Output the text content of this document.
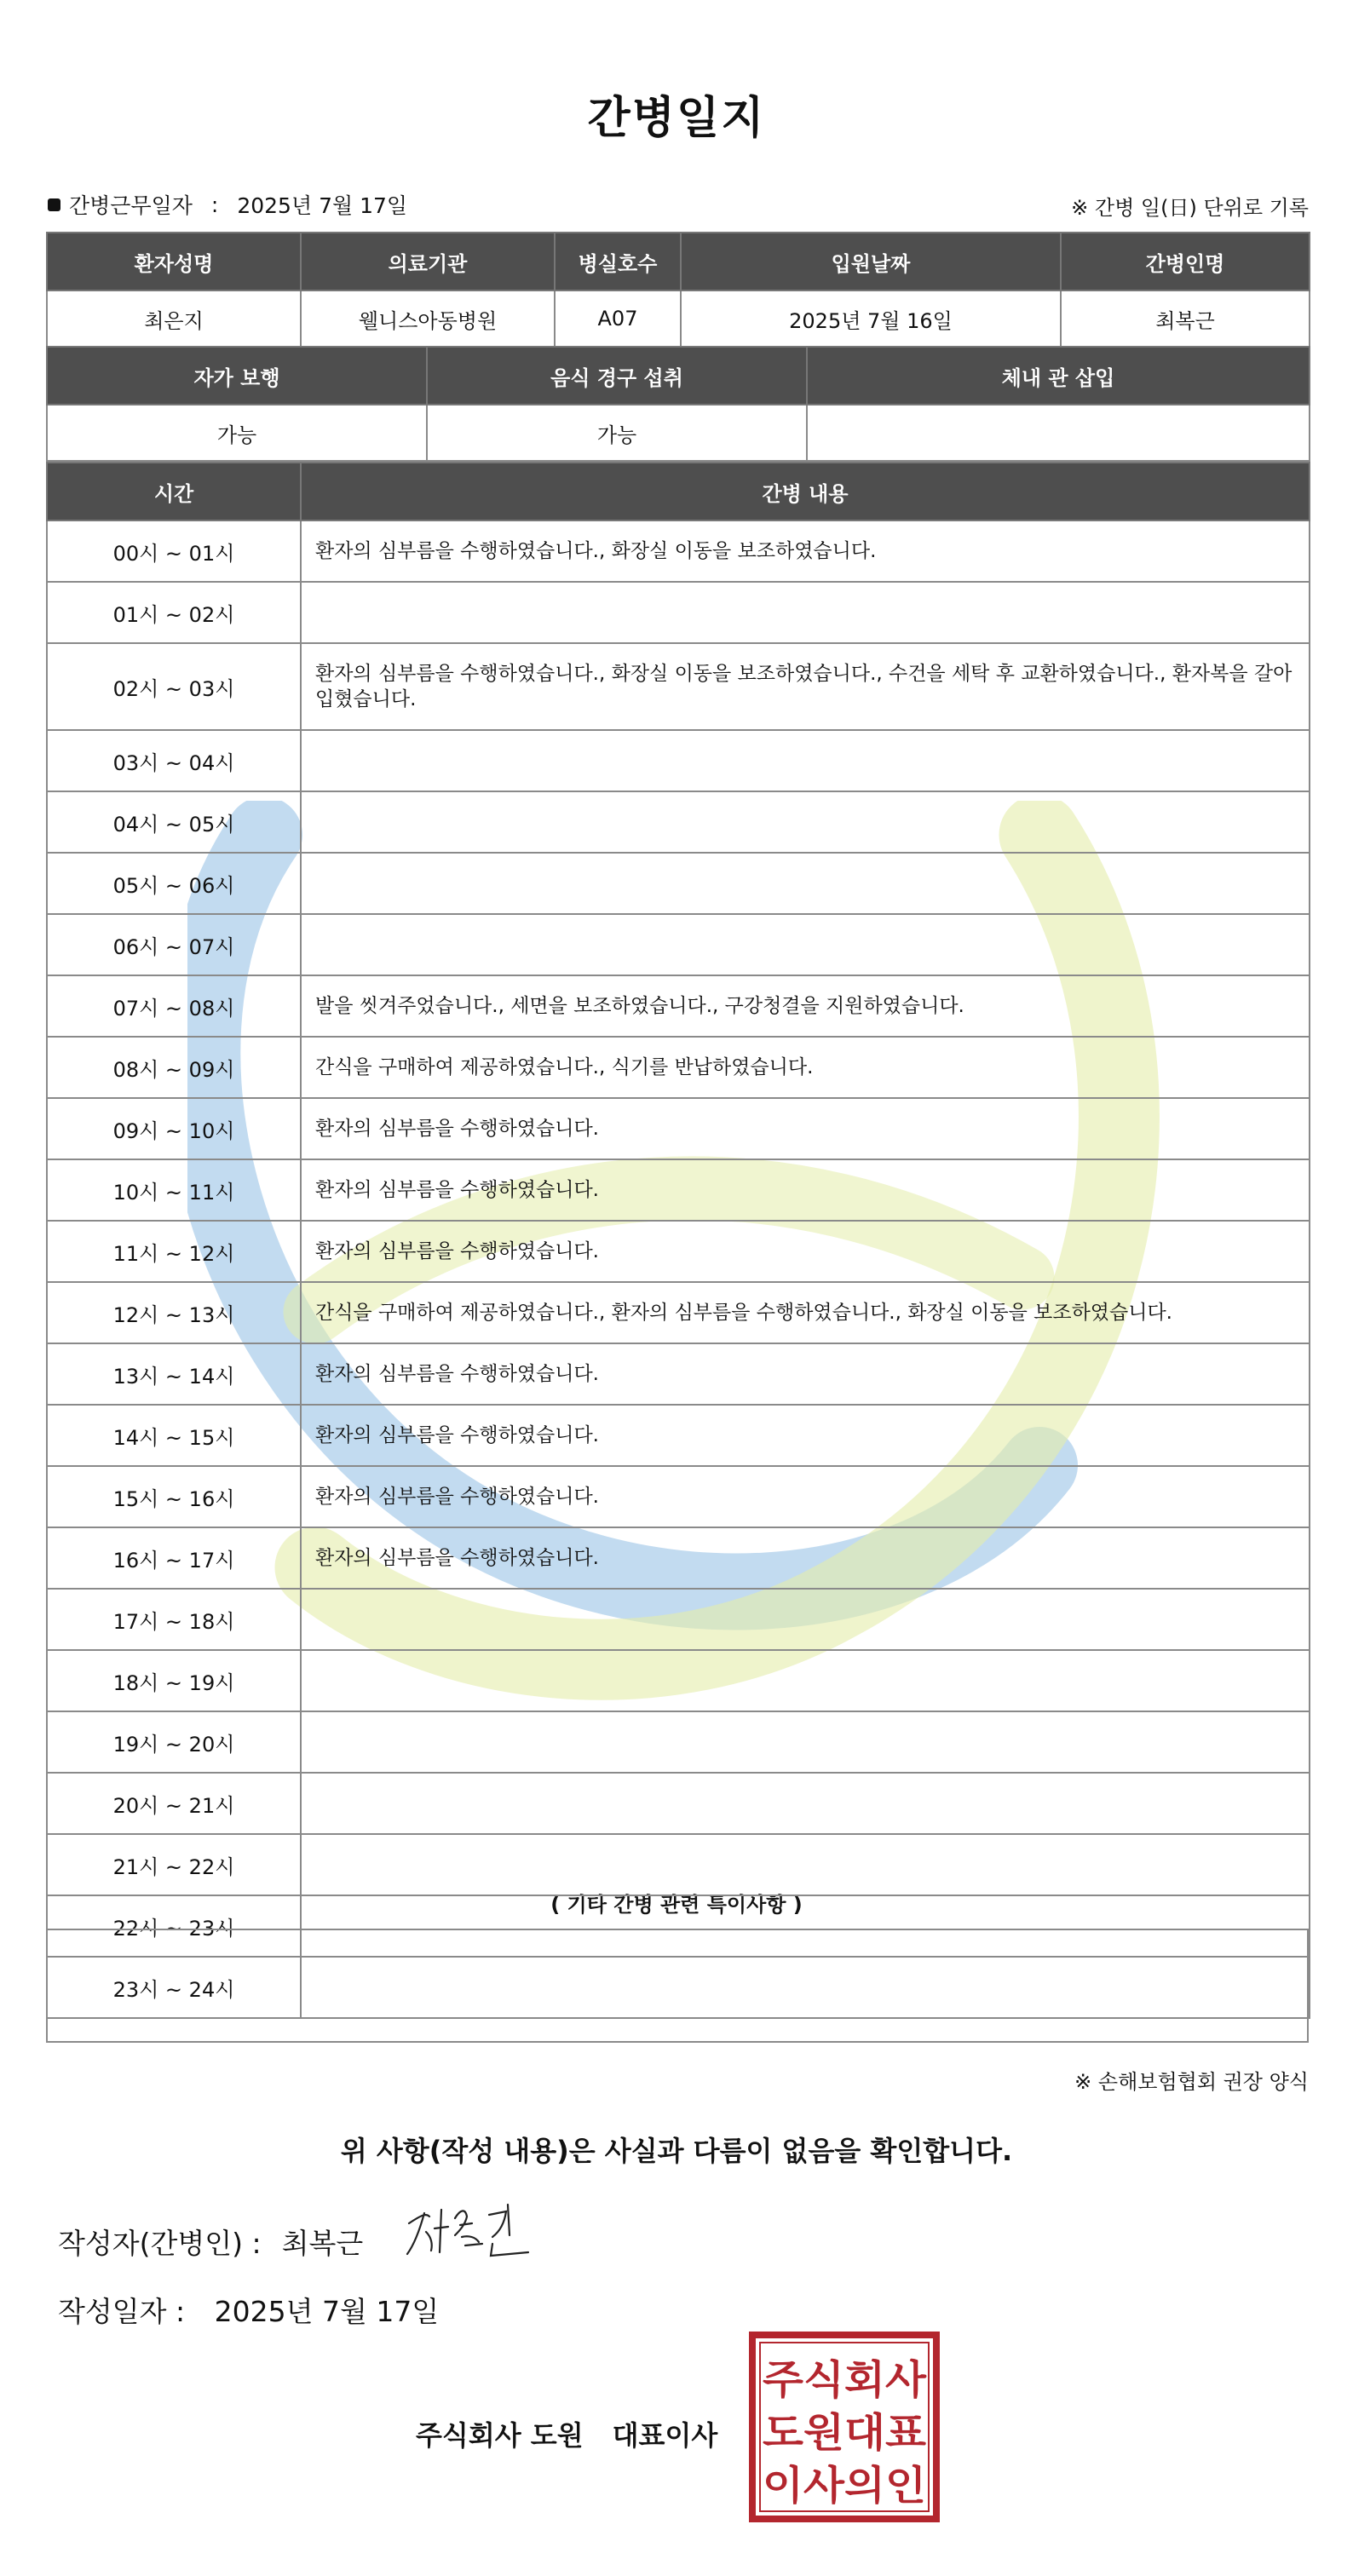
간병일지
간병근무일자 : 2025년 7월 17일	※ 간병 일(日) 단위로 기록
환자성명	의료기관	병실호수	입원날짜	간병인명
최은지	웰니스아동병원	A07	2025년 7월 16일	최복근
자가 보행	음식 경구 섭취	체내 관 삽입
가능	가능	
시간	간병 내용
00시 ~ 01시	환자의 심부름을 수행하였습니다., 화장실 이동을 보조하였습니다.
01시 ~ 02시	
02시 ~ 03시	환자의 심부름을 수행하였습니다., 화장실 이동을 보조하였습니다., 수건을 세탁 후 교환하였습니다., 환자복을 갈아입혔습니다.
03시 ~ 04시	
04시 ~ 05시	
05시 ~ 06시	
06시 ~ 07시	
07시 ~ 08시	발을 씻겨주었습니다., 세면을 보조하였습니다., 구강청결을 지원하였습니다.
08시 ~ 09시	간식을 구매하여 제공하였습니다., 식기를 반납하였습니다.
09시 ~ 10시	환자의 심부름을 수행하였습니다.
10시 ~ 11시	환자의 심부름을 수행하였습니다.
11시 ~ 12시	환자의 심부름을 수행하였습니다.
12시 ~ 13시	간식을 구매하여 제공하였습니다., 환자의 심부름을 수행하였습니다., 화장실 이동을 보조하였습니다.
13시 ~ 14시	환자의 심부름을 수행하였습니다.
14시 ~ 15시	환자의 심부름을 수행하였습니다.
15시 ~ 16시	환자의 심부름을 수행하였습니다.
16시 ~ 17시	환자의 심부름을 수행하였습니다.
17시 ~ 18시	
18시 ~ 19시	
19시 ~ 20시	
20시 ~ 21시	
21시 ~ 22시	
22시 ~ 23시	
23시 ~ 24시	
( 기타 간병 관련 특이사항 )
※ 손해보험협회 권장 양식
위 사항(작성 내용)은 사실과 다름이 없음을 확인합니다.
작성자(간병인) : 최복근
작성일자 : 2025년 7월 17일
주식회사 도원 대표이사
주식회사
도원대표
이사의인
